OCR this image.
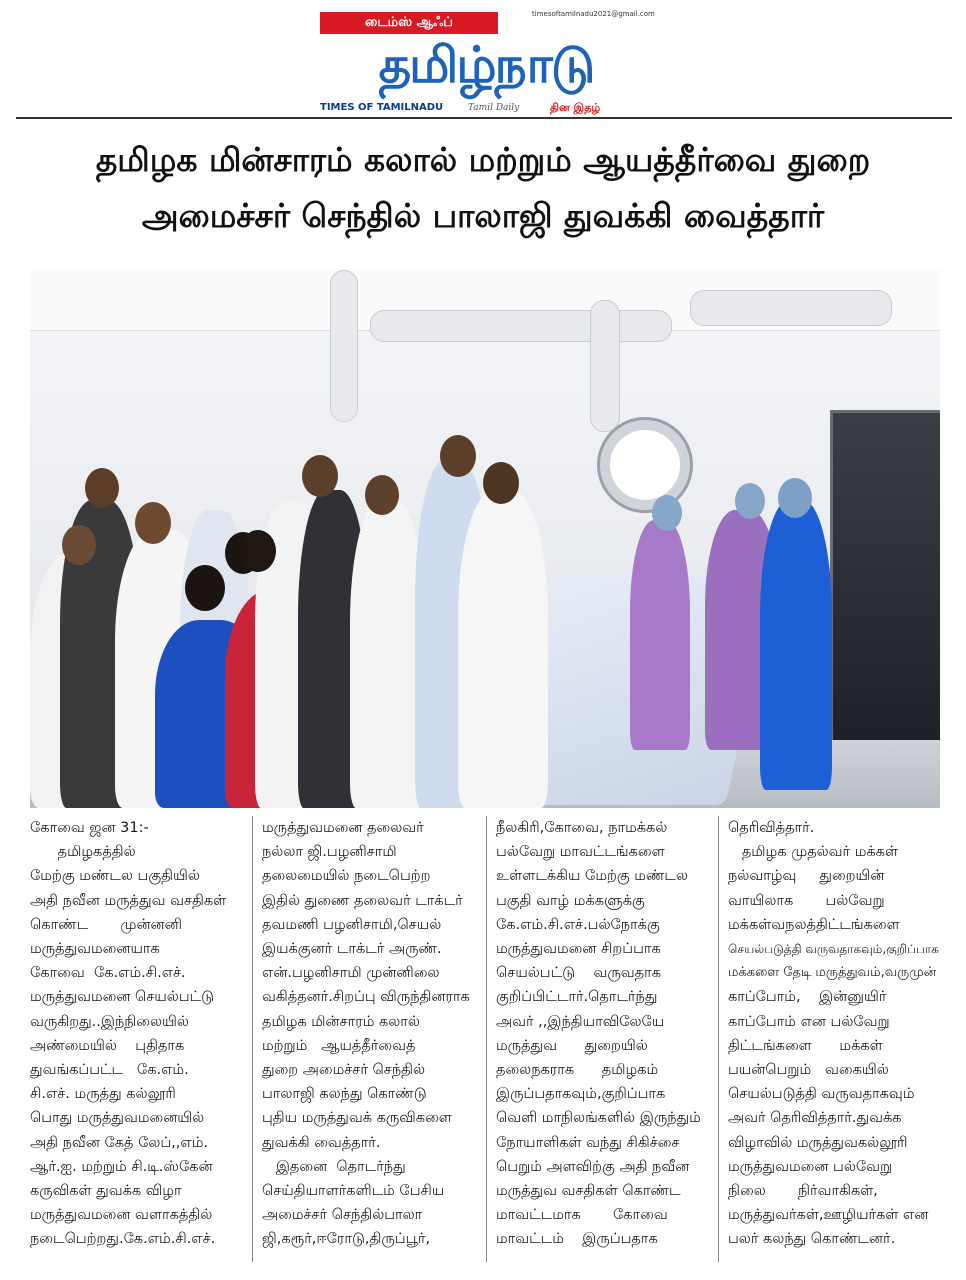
டைம்ஸ் ஆஃப்
timesoftamilnadu2021@gmail.com
தமிழ்நாடு
TIMES OF TAMILNADU	Tamil Daily	தின இதழ்
தமிழக மின்சாரம் கலால் மற்றும் ஆயத்தீர்வை துறை
அமைச்சர் செந்தில் பாலாஜி துவக்கி வைத்தார்

கோவை ஜன 31:-

தமிழகத்தில்

மேற்கு மண்டல பகுதியில்

அதி நவீன மருத்துவ வசதிகள்

கொண்ட       முன்னனி

மருத்துவமனையாக

கோவை  கே.எம்.சி.எச்.

மருத்துவமனை செயல்பட்டு

வருகிறது..இந்நிலையில்

அண்மையில்    புதிதாக

துவங்கப்பட்ட   கே.எம்.

சி.எச். மருத்து கல்லூரி

பொது மருத்துவமனையில்

அதி நவீன கேத் லேப்,,எம்.

ஆர்.ஐ. மற்றும் சி.டி.ஸ்கேன்

கருவிகள் துவக்க விழா

மருத்துவமனை வளாகத்தில்

நடைபெற்றது.கே.எம்.சி.எச்.

மருத்துவமனை தலைவர்

நல்லா ஜி.பழனிசாமி

தலைமையில் நடைபெற்ற

இதில் துணை தலைவர் டாக்டர்

தவமணி பழனிசாமி,செயல்

இயக்குனர் டாக்டர் அருண்.

என்.பழனிசாமி முன்னிலை

வகித்தனர்.சிறப்பு விருந்தினராக

தமிழக மின்சாரம் கலால்

மற்றும்   ஆயத்தீர்வைத்

துறை அமைச்சர் செந்தில்

பாலாஜி கலந்து கொண்டு

புதிய மருத்துவக் கருவிகளை

துவக்கி வைத்தார்.

இதனை  தொடர்ந்து

செய்தியாளர்களிடம் பேசிய

அமைச்சர் செந்தில்பாலா

ஜி,கரூர்,ஈரோடு,திருப்பூர்,

நீலகிரி,கோவை, நாமக்கல்

பல்வேறு மாவட்டங்களை

உள்ளடக்கிய மேற்கு மண்டல

பகுதி வாழ் மக்களுக்கு

கே.எம்.சி.எச்.பல்நோக்கு

மருத்துவமனை சிறப்பாக

செயல்பட்டு    வருவதாக

குறிப்பிட்டார்.தொடர்ந்து

அவர் ,,இந்தியாவிலேயே

மருத்துவ      துறையில்

தலைநகராக      தமிழகம்

இருப்பதாகவும்,குறிப்பாக

வெளி மாநிலங்களில் இருந்தும்

நோயாளிகள் வந்து சிகிச்சை

பெறும் அளவிற்கு அதி நவீன

மருத்துவ வசதிகள் கொண்ட

மாவட்டமாக       கோவை

மாவட்டம்    இருப்பதாக

தெரிவித்தார்.

தமிழக முதல்வர் மக்கள்

நல்வாழ்வு     துறையின்

வாயிலாக       பல்வேறு

மக்கள்வநலத்திட்டங்களை

செயல்படுத்தி வருவதாகவும்,குறிப்பாக

மக்களை தேடி மருத்துவம்,வருமுன்

காப்போம்,    இன்னுயிர்

காப்போம் என பல்வேறு

திட்டங்களை      மக்கள்

பயன்பெறும்   வகையில்

செயல்படுத்தி வருவதாகவும்

அவர் தெரிவித்தார்.துவக்க

விழாவில் மருத்துவகல்லூரி

மருத்துவமனை பல்வேறு

நிலை       நிர்வாகிகள்,

மருத்துவர்கள்,ஊழியர்கள் என

பலர் கலந்து கொண்டனர்.
